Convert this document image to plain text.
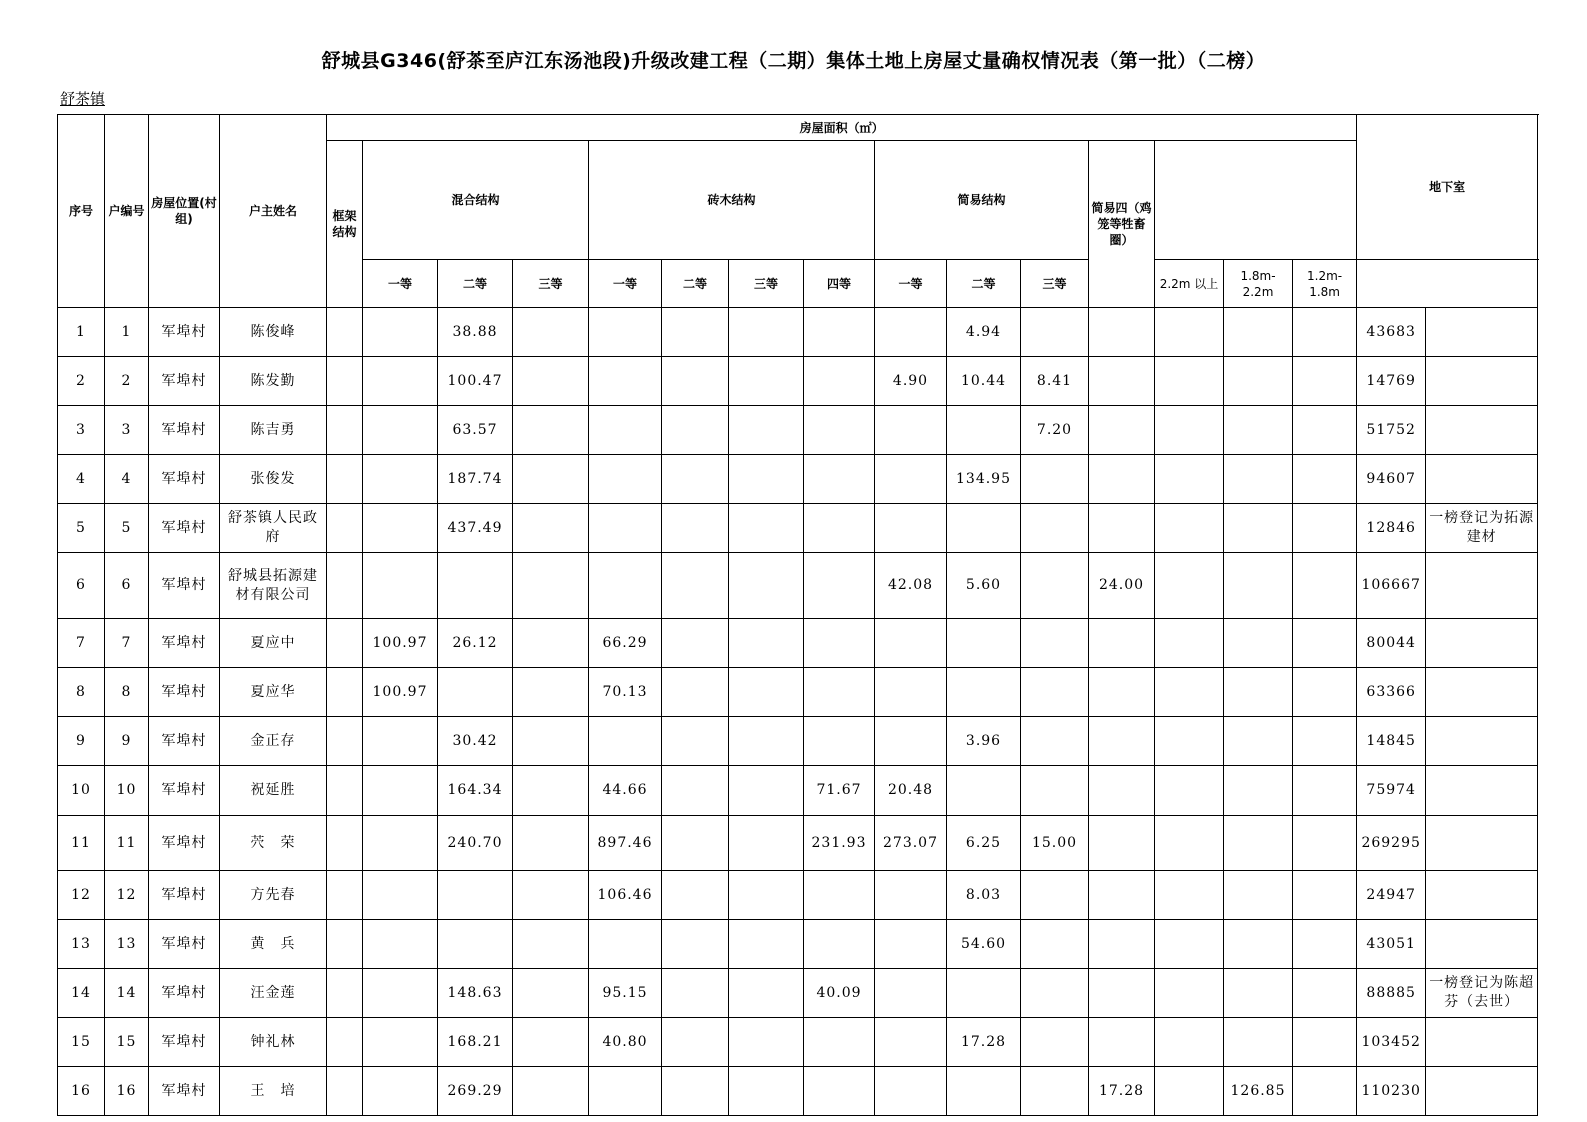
舒城县G346(舒茶至庐江东汤池段)升级改建工程（二期）集体土地上房屋丈量确权情况表（第一批）（二榜）
舒茶镇
序号	户编号	房屋位置(村组)	户主姓名	房屋面积（㎡）															地下室		
				框架结构	混合结构			砖木结构				简易结构			简易四（鸡笼等牲畜圈）						
					一等	二等	三等	一等	二等	三等	四等	一等	二等	三等		2.2m 以上	1.8m-2.2m	1.2m-1.8m			
1	1	军埠村	陈俊峰			38.88							4.94						43683		
2	2	军埠村	陈发勤			100.47						4.90	10.44	8.41					14769		
3	3	军埠村	陈吉勇			63.57								7.20					51752		
4	4	军埠村	张俊发			187.74							134.95						94607		
5	5	军埠村	舒茶镇人民政府			437.49													12846	一榜登记为拓源建材	
6	6	军埠村	舒城县拓源建材有限公司									42.08	5.60		24.00				106667		
7	7	军埠村	夏应中		100.97	26.12		66.29											80044		
8	8	军埠村	夏应华		100.97			70.13											63366		
9	9	军埠村	金正存			30.42							3.96						14845		
10	10	军埠村	祝延胜			164.34		44.66			71.67	20.48							75974		
11	11	军埠村	茓　荣			240.70		897.46			231.93	273.07	6.25	15.00					269295		
12	12	军埠村	方先春					106.46					8.03						24947		
13	13	军埠村	黄　兵										54.60						43051		
14	14	军埠村	汪金莲			148.63		95.15			40.09								88885	一榜登记为陈超芬（去世）	
15	15	军埠村	钟礼林			168.21		40.80					17.28						103452		
16	16	军埠村	王　培			269.29									17.28		126.85		110230		
